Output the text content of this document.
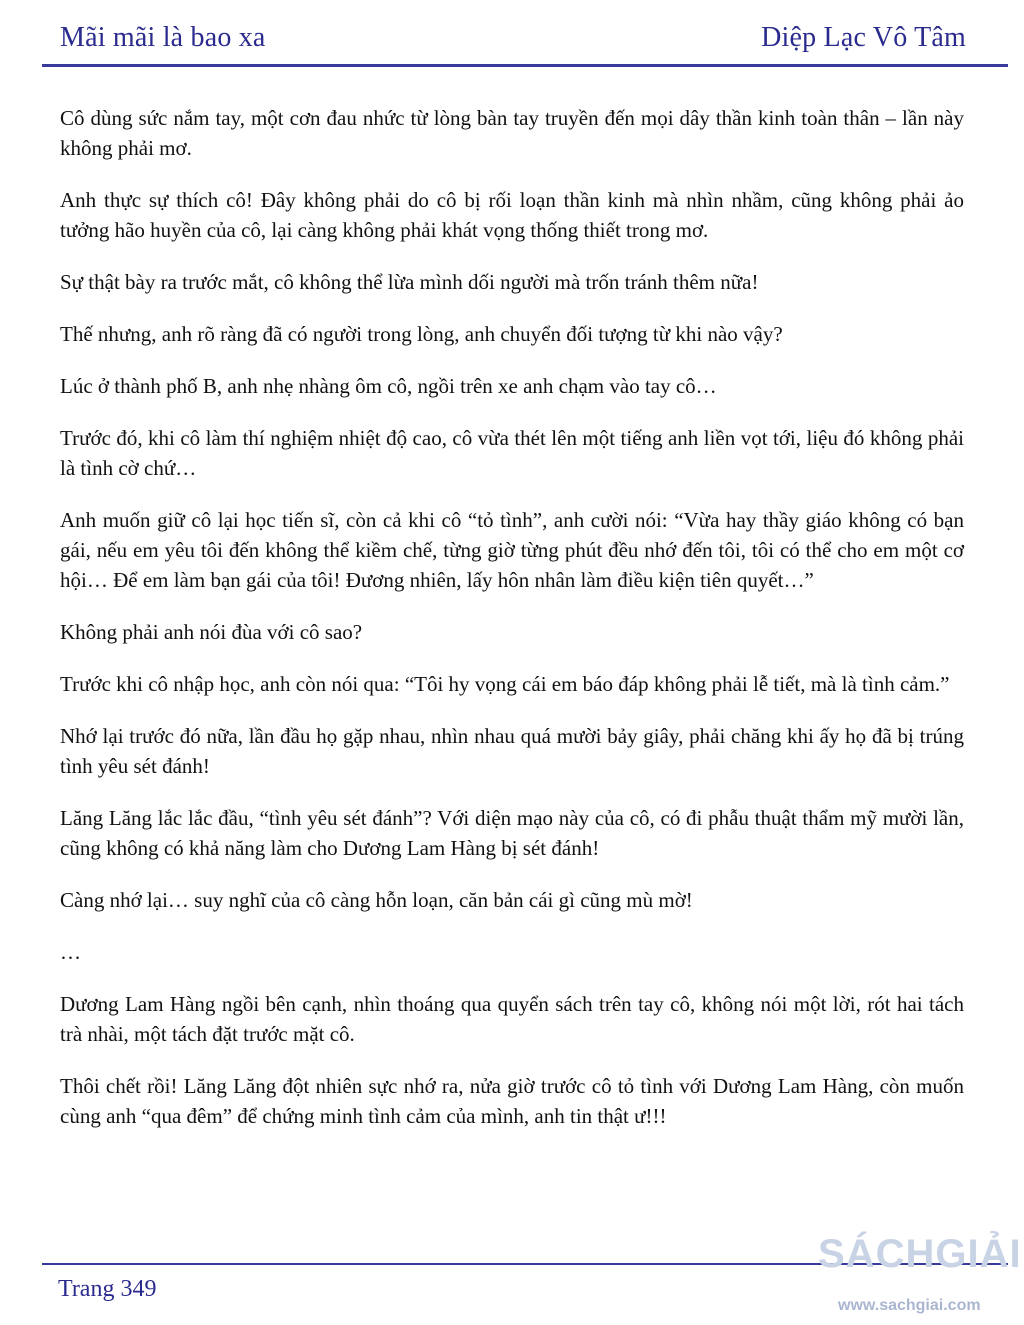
Mãi mãi là bao xa	Diệp Lạc Vô Tâm

Cô dùng sức nắm tay, một cơn đau nhức từ lòng bàn tay truyền đến mọi dây thần kinh toàn thân – lần này không phải mơ.

Anh thực sự thích cô! Đây không phải do cô bị rối loạn thần kinh mà nhìn nhầm, cũng không phải ảo tưởng hão huyền của cô, lại càng không phải khát vọng thống thiết trong mơ.

Sự thật bày ra trước mắt, cô không thể lừa mình dối người mà trốn tránh thêm nữa!

Thế nhưng, anh rõ ràng đã có người trong lòng, anh chuyển đối tượng từ khi nào vậy?

Lúc ở thành phố B, anh nhẹ nhàng ôm cô, ngồi trên xe anh chạm vào tay cô…

Trước đó, khi cô làm thí nghiệm nhiệt độ cao, cô vừa thét lên một tiếng anh liền vọt tới, liệu đó không phải là tình cờ chứ…

Anh muốn giữ cô lại học tiến sĩ, còn cả khi cô “tỏ tình”, anh cười nói: “Vừa hay thầy giáo không có bạn gái, nếu em yêu tôi đến không thể kiềm chế, từng giờ từng phút đều nhớ đến tôi, tôi có thể cho em một cơ hội… Để em làm bạn gái của tôi! Đương nhiên, lấy hôn nhân làm điều kiện tiên quyết…”

Không phải anh nói đùa với cô sao?

Trước khi cô nhập học, anh còn nói qua: “Tôi hy vọng cái em báo đáp không phải lễ tiết, mà là tình cảm.”

Nhớ lại trước đó nữa, lần đầu họ gặp nhau, nhìn nhau quá mười bảy giây, phải chăng khi ấy họ đã bị trúng tình yêu sét đánh!

Lăng Lăng lắc lắc đầu, “tình yêu sét đánh”? Với diện mạo này của cô, có đi phẫu thuật thẩm mỹ mười lần, cũng không có khả năng làm cho Dương Lam Hàng bị sét đánh!

Càng nhớ lại… suy nghĩ của cô càng hỗn loạn, căn bản cái gì cũng mù mờ!

…

Dương Lam Hàng ngồi bên cạnh, nhìn thoáng qua quyển sách trên tay cô, không nói một lời, rót hai tách trà nhài, một tách đặt trước mặt cô.

Thôi chết rồi! Lăng Lăng đột nhiên sực nhớ ra, nửa giờ trước cô tỏ tình với Dương Lam Hàng, còn muốn cùng anh “qua đêm” để chứng minh tình cảm của mình, anh tin thật ư!!!

Trang 349
SÁCHGIẢI
www.sachgiai.com
